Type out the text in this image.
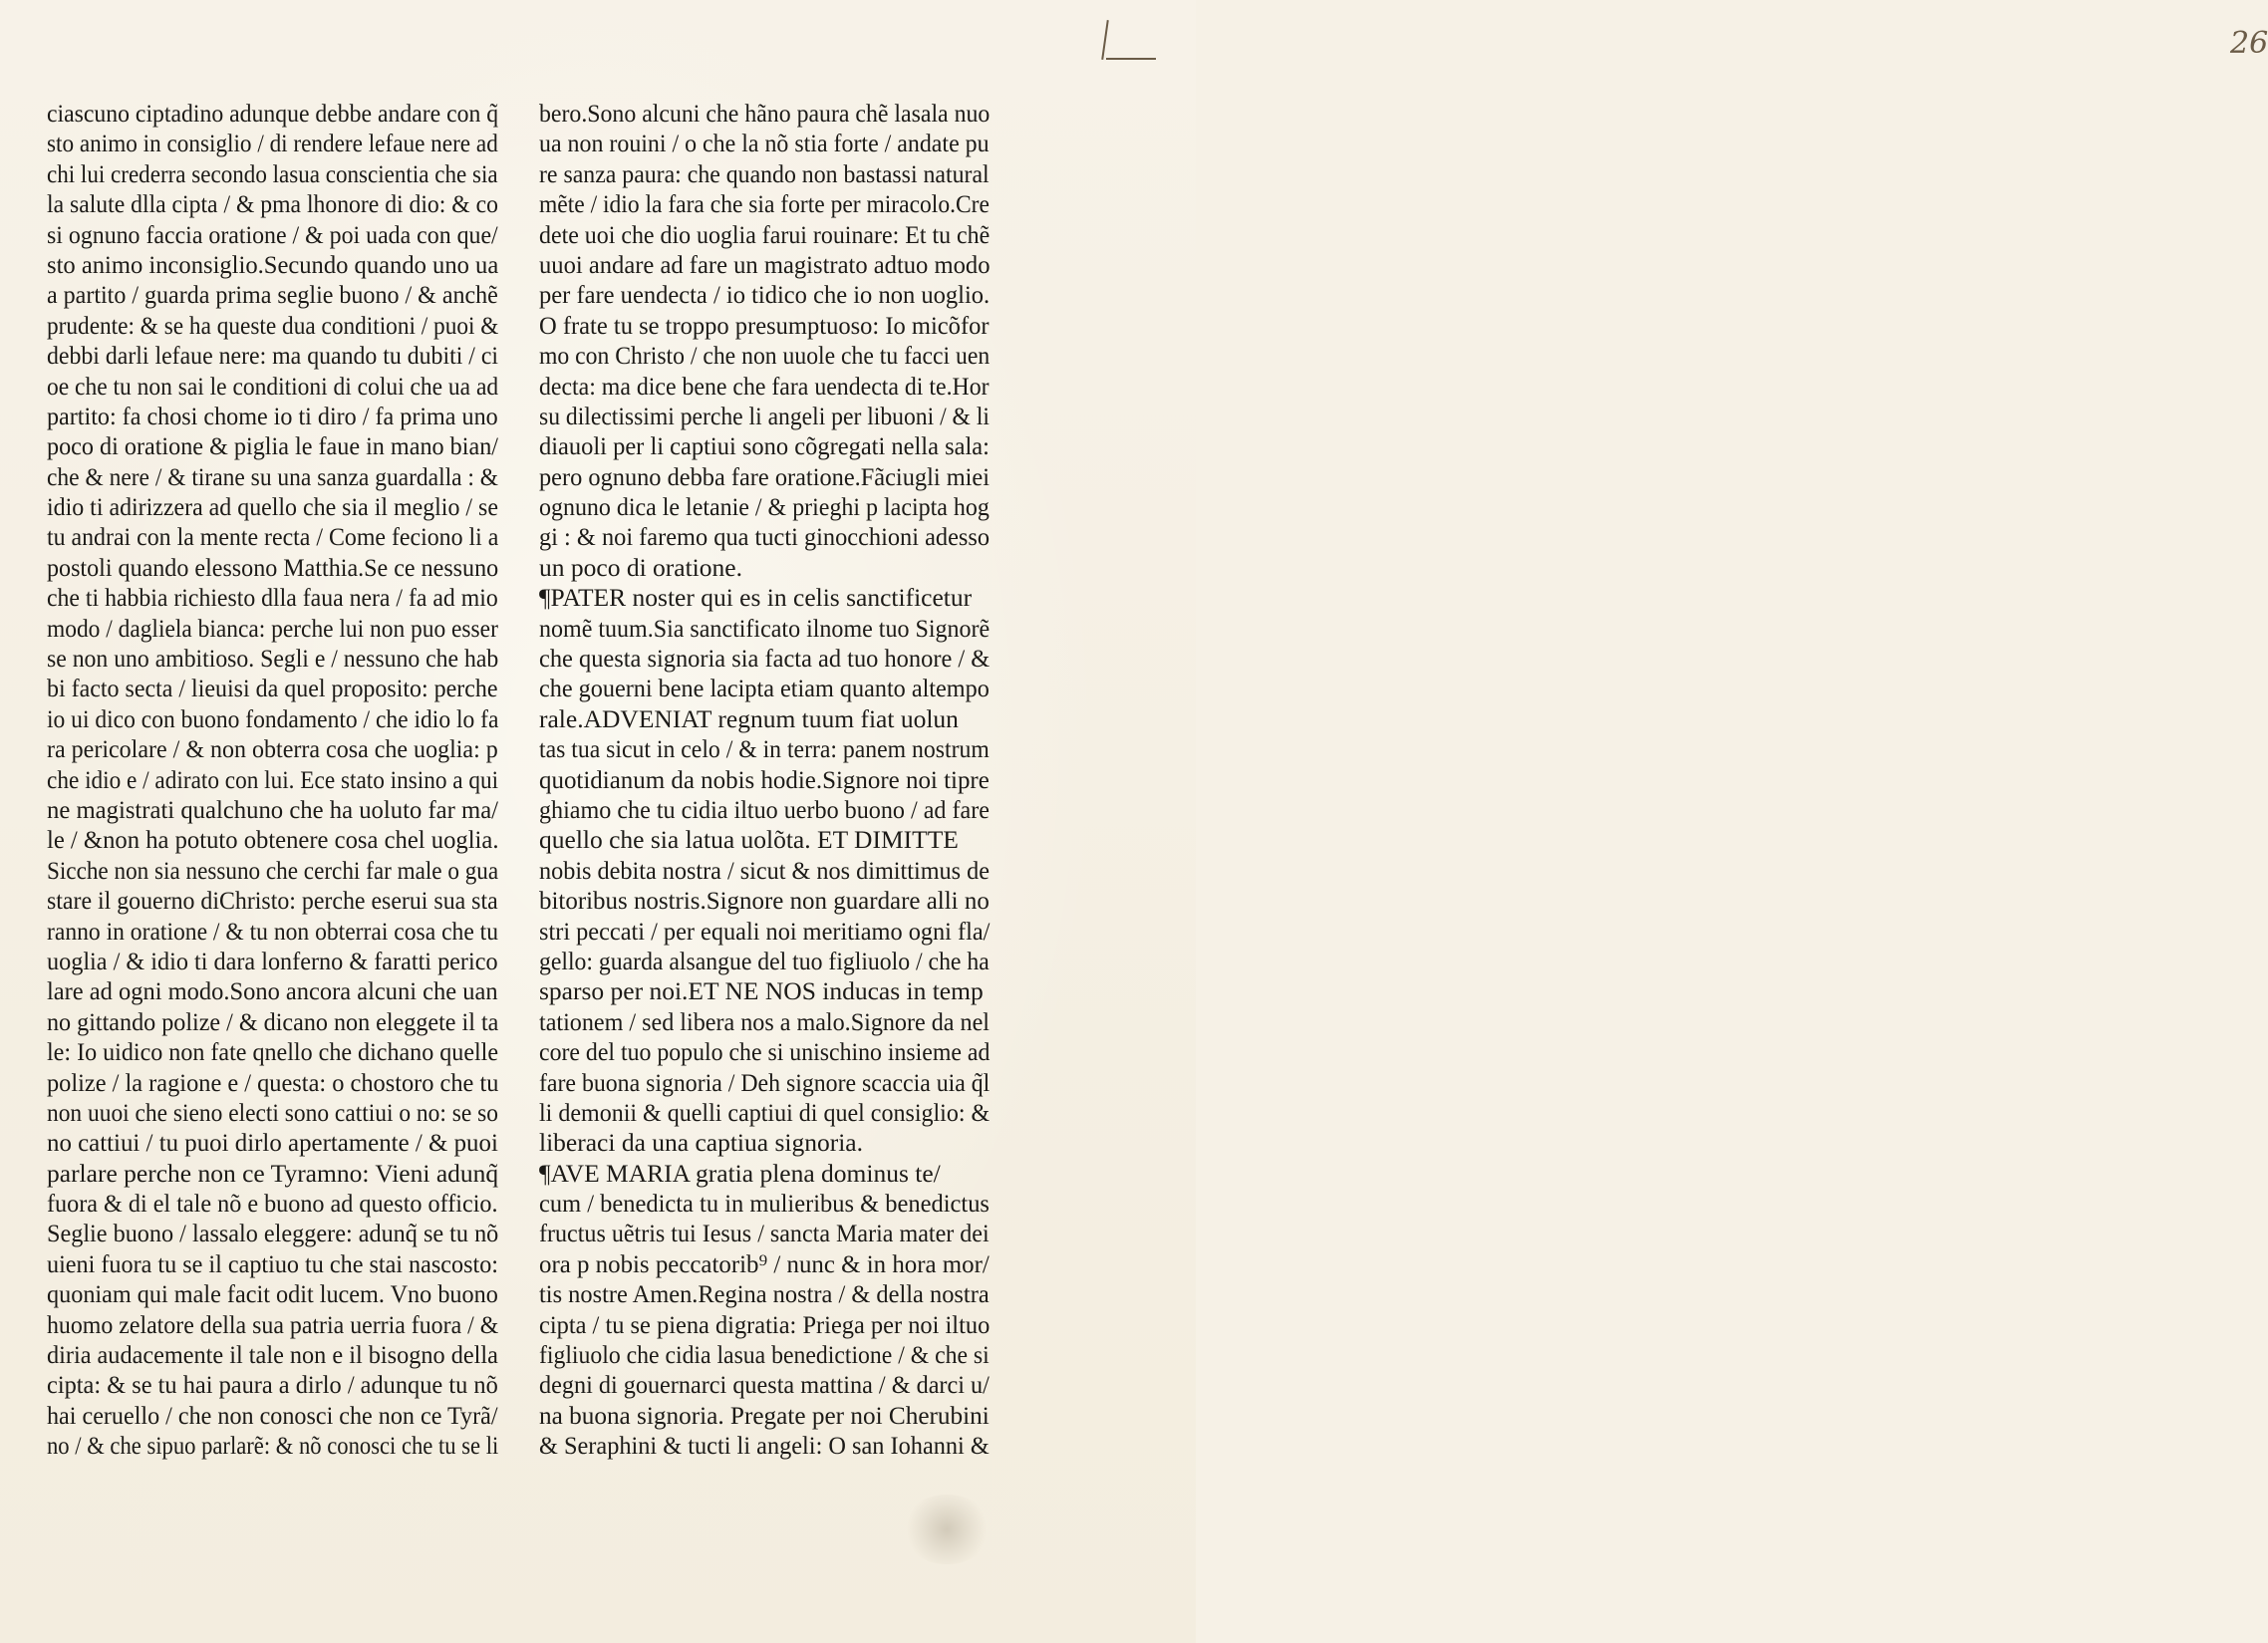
26
ciascuno ciptadino adunque debbe andare con q̃
sto animo in consiglio / di rendere lefaue nere ad
chi lui crederra secondo lasua conscientia che sia
la salute dlla cipta / & pma lhonore di dio: & co
si ognuno faccia oratione / & poi uada con que/
sto animo inconsiglio.Secundo quando uno ua
a partito / guarda prima seglie buono / & anchẽ
prudente: & se ha queste dua conditioni / puoi &
debbi darli lefaue nere: ma quando tu dubiti / ci
oe che tu non sai le conditioni di colui che ua ad
partito: fa chosi chome io ti diro / fa prima uno
poco di oratione & piglia le faue in mano bian/
che & nere / & tirane su una sanza guardalla : &
idio ti adirizzera ad quello che sia il meglio / se
tu andrai con la mente recta / Come feciono li a
postoli quando elessono Matthia.Se ce nessuno
che ti habbia richiesto dlla faua nera / fa ad mio
modo / dagliela bianca: perche lui non puo esser
se non uno ambitioso. Segli e / nessuno che hab
bi facto secta / lieuisi da quel proposito: perche
io ui dico con buono fondamento / che idio lo fa
ra pericolare / & non obterra cosa che uoglia: p
che idio e / adirato con lui. Ece stato insino a qui
ne magistrati qualchuno che ha uoluto far ma/
le / &non ha potuto obtenere cosa chel uoglia.
Sicche non sia nessuno che cerchi far male o gua
stare il gouerno diChristo: perche eserui sua sta
ranno in oratione / & tu non obterrai cosa che tu
uoglia / & idio ti dara lonferno & faratti perico
lare ad ogni modo.Sono ancora alcuni che uan
no gittando polize / & dicano non eleggete il ta
le: Io uidico non fate qnello che dichano quelle
polize / la ragione e / questa: o chostoro che tu
non uuoi che sieno electi sono cattiui o no: se so
no cattiui / tu puoi dirlo apertamente / & puoi
parlare perche non ce Tyramno: Vieni adunq̃
fuora & di el tale nõ e buono ad questo officio.
Seglie buono / lassalo eleggere: adunq̃ se tu nõ
uieni fuora tu se il captiuo tu che stai nascosto:
quoniam qui male facit odit lucem. Vno buono
huomo zelatore della sua patria uerria fuora / &
diria audacemente il tale non e il bisogno della
cipta: & se tu hai paura a dirlo / adunque tu nõ
hai ceruello / che non conosci che non ce Tyrã/
no / & che sipuo parlarẽ: & nõ conosci che tu se li
bero.Sono alcuni che hãno paura chẽ lasala nuo
ua non rouini / o che la nõ stia forte / andate pu
re sanza paura: che quando non bastassi natural
mẽte / idio la fara che sia forte per miracolo.Cre
dete uoi che dio uoglia farui rouinare: Et tu chẽ
uuoi andare ad fare un magistrato adtuo modo
per fare uendecta / io tidico che io non uoglio.
O frate tu se troppo presumptuoso: Io micõfor
mo con Christo / che non uuole che tu facci uen
decta: ma dice bene che fara uendecta di te.Hor
su dilectissimi perche li angeli per libuoni / & li
diauoli per li captiui sono cõgregati nella sala:
pero ognuno debba fare oratione.Fãciugli miei
ognuno dica le letanie / & prieghi p lacipta hog
gi : & noi faremo qua tucti ginocchioni adesso
un poco di oratione.
¶PATER noster qui es in celis sanctificetur
nomẽ tuum.Sia sanctificato ilnome tuo Signorẽ
che questa signoria sia facta ad tuo honore / &
che gouerni bene lacipta etiam quanto altempo
rale.ADVENIAT regnum tuum fiat uolun
tas tua sicut in celo / & in terra: panem nostrum
quotidianum da nobis hodie.Signore noi tipre
ghiamo che tu cidia iltuo uerbo buono / ad fare
quello che sia latua uolõta. ET DIMITTE
nobis debita nostra / sicut & nos dimittimus de
bitoribus nostris.Signore non guardare alli no
stri peccati / per equali noi meritiamo ogni fla/
gello: guarda alsangue del tuo figliuolo / che ha
sparso per noi.ET NE NOS inducas in temp
tationem / sed libera nos a malo.Signore da nel
core del tuo populo che si unischino insieme ad
fare buona signoria / Deh signore scaccia uia q̃l
li demonii & quelli captiui di quel consiglio: &
liberaci da una captiua signoria.
¶AVE MARIA gratia plena dominus te/
cum / benedicta tu in mulieribus & benedictus
fructus uẽtris tui Iesus / sancta Maria mater dei
ora p nobis peccatorib⁹ / nunc & in hora mor/
tis nostre Amen.Regina nostra / & della nostra
cipta / tu se piena digratia: Priega per noi iltuo
figliuolo che cidia lasua benedictione / & che si
degni di gouernarci questa mattina / & darci u/
na buona signoria. Pregate per noi Cherubini
& Seraphini & tucti li angeli: O san Iohanni &
